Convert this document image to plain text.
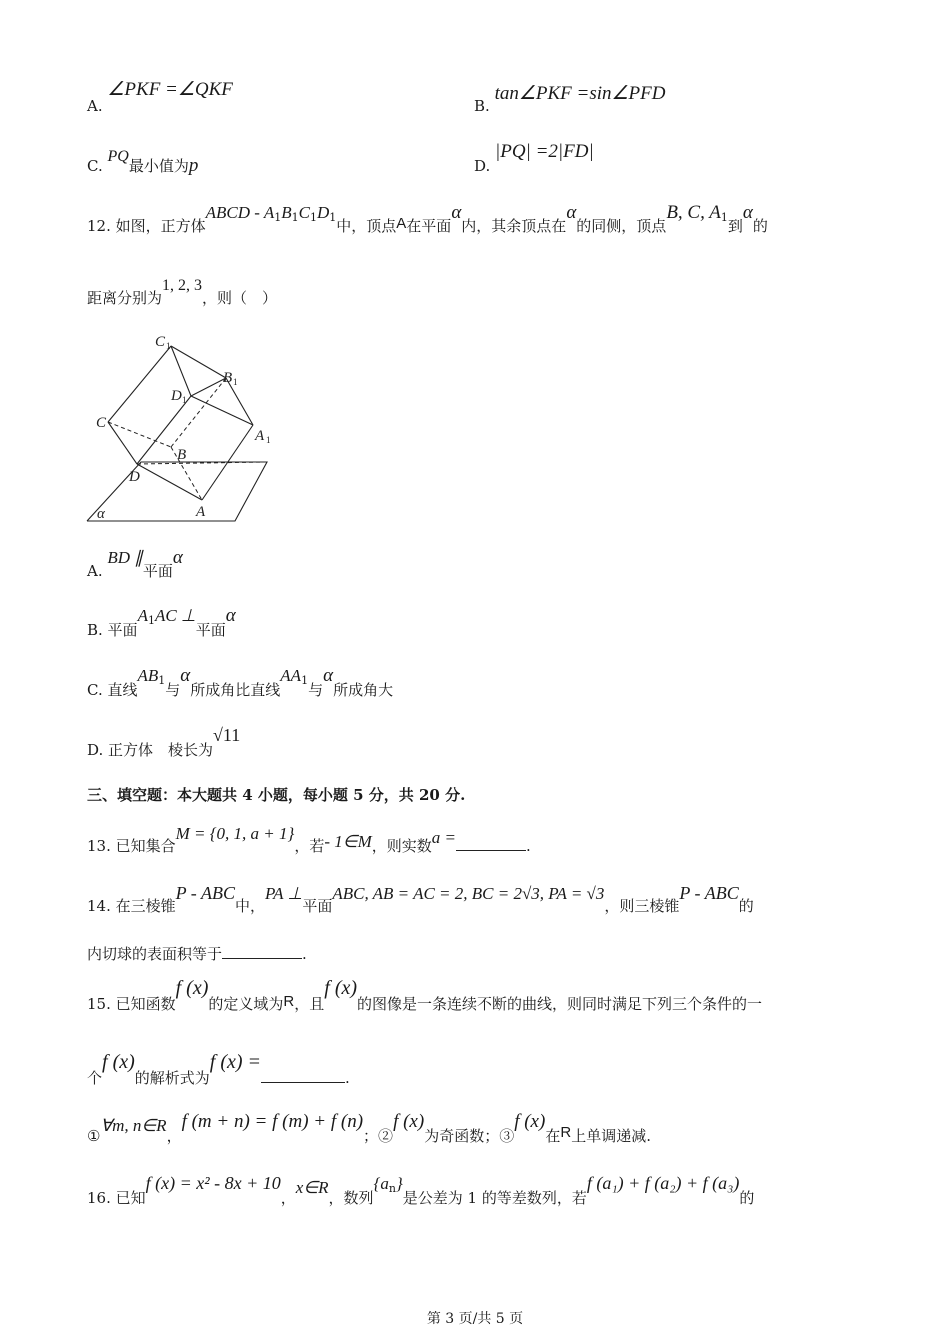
A. ∠PKF =∠QKF
B. tan∠PKF =sin∠PFD
C. PQ最小值为p	D. |PQ| =2|FD|
12. 如图，正方体ABCD - $A_1B_1C_1D_1$中，顶点A在平面α内，其余顶点在α的同侧，顶点B, C, $A_1$到α的
距离分别为1, 2, 3，则（　）
C 1
B 1
D 1
C
B
D
A 1
A
α
A. BD ∥平面α
B. 平面$A_1AC$ ⊥平面α
C. 直线$AB_1$与α所成角比直线$AA_1$与α所成角大
D. 正方体　棱长为√11
三、填空题：本大题共 4 小题，每小题 5 分，共 20 分.
13. 已知集合M = {0, 1, a + 1}，若- 1∈M，则实数a =	.
14. 在三棱锥P - ABC中，PA ⊥平面ABC, AB = AC = 2, BC = 2√3, PA = √3，则三棱锥P - ABC的
内切球的表面积等于	.
15. 已知函数f (x)的定义域为R，且f (x)的图像是一条连续不断的曲线，则同时满足下列三个条件的一
个f (x)的解析式为f (x) =.
①∀m, n∈R，f (m + n) = f (m) + f (n)；②f (x)为奇函数；③f (x)在R上单调递减.
16. 已知f (x) = x² - 8x + 10，x∈R，数列$\{a_n\}$是公差为 1 的等差数列，若f (a₁) + f (a₂) + f (a₃)的
第 3 页/共 5 页
